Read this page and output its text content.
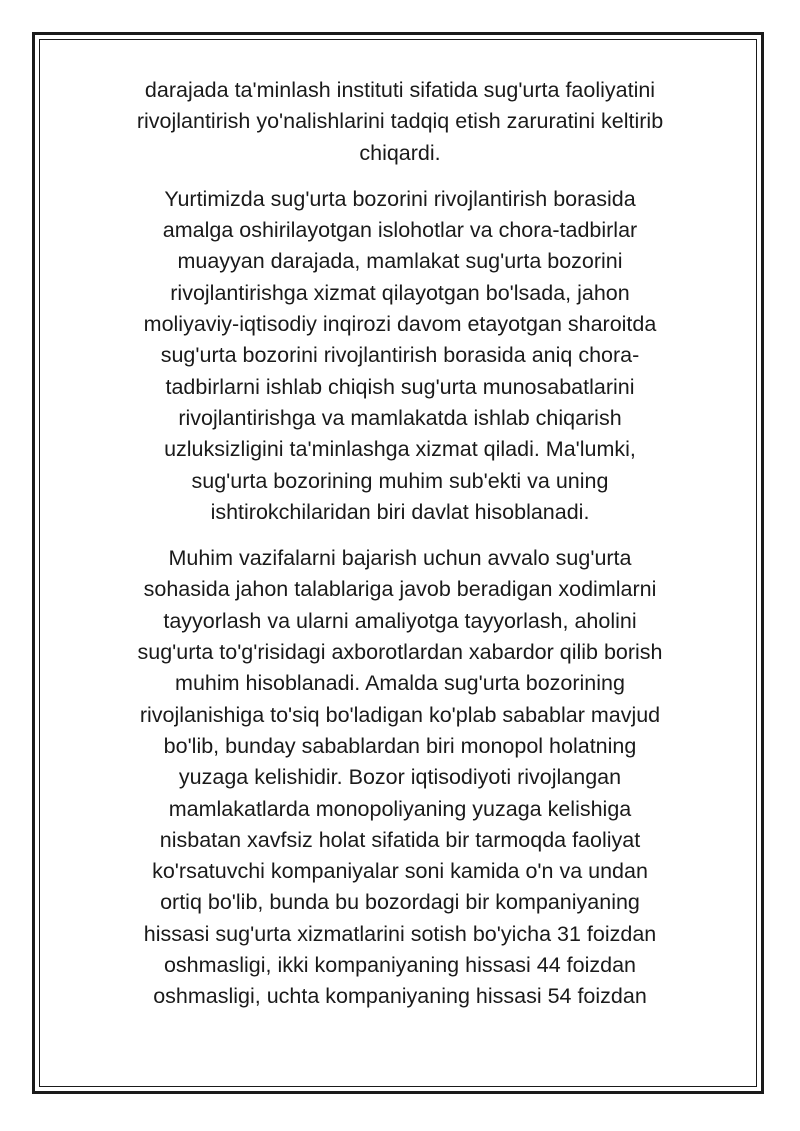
darajada ta'minlash instituti sifatida sug'urta faoliyatini
rivojlantirish yo'nalishlarini tadqiq etish zaruratini keltirib
chiqardi.

Yurtimizda sug'urta bozorini rivojlantirish borasida
amalga oshirilayotgan islohotlar va chora-tadbirlar
muayyan darajada, mamlakat sug'urta bozorini
rivojlantirishga xizmat qilayotgan bo'lsada, jahon
moliyaviy-iqtisodiy inqirozi davom etayotgan sharoitda
sug'urta bozorini rivojlantirish borasida aniq chora-
tadbirlarni ishlab chiqish sug'urta munosabatlarini
rivojlantirishga va mamlakatda ishlab chiqarish
uzluksizligini ta'minlashga xizmat qiladi. Ma'lumki,
sug'urta bozorining muhim sub'ekti va uning
ishtirokchilaridan biri davlat hisoblanadi.

Muhim vazifalarni bajarish uchun avvalo sug'urta
sohasida jahon talablariga javob beradigan xodimlarni
tayyorlash va ularni amaliyotga tayyorlash, aholini
sug'urta to'g'risidagi axborotlardan xabardor qilib borish
muhim hisoblanadi. Amalda sug'urta bozorining
rivojlanishiga to'siq bo'ladigan ko'plab sabablar mavjud
bo'lib, bunday sabablardan biri monopol holatning
yuzaga kelishidir. Bozor iqtisodiyoti rivojlangan
mamlakatlarda monopoliyaning yuzaga kelishiga
nisbatan xavfsiz holat sifatida bir tarmoqda faoliyat
ko'rsatuvchi kompaniyalar soni kamida o'n va undan
ortiq bo'lib, bunda bu bozordagi bir kompaniyaning
hissasi sug'urta xizmatlarini sotish bo'yicha 31 foizdan
oshmasligi, ikki kompaniyaning hissasi 44 foizdan
oshmasligi, uchta kompaniyaning hissasi 54 foizdan
